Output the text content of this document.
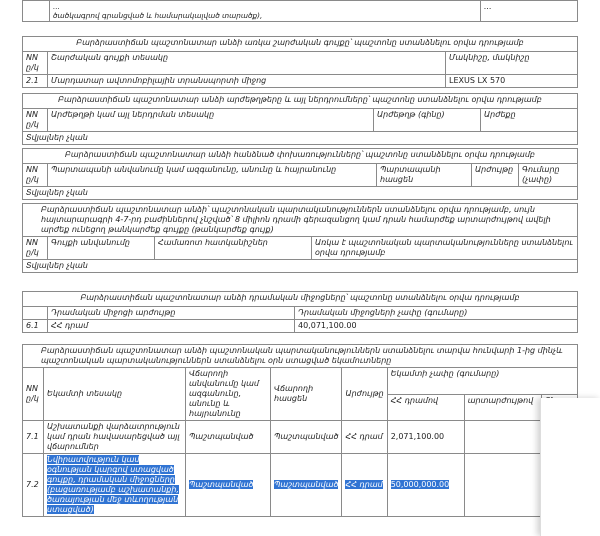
...
ծածկագրով գրանցված և համարակալված տարածք),
	...
Բարձրաստիճան պաշտոնատար անձի առկա շարժական գույքը՝ պաշտոնը ստանձնելու օրվա դրությամբ		
NN ը/կ	Շարժական գույքի տեսակը	Մակնիշը, մակնիշը
2.1	Մարդատար ավտոմոբիլային տրանսպորտի միջոց	LEXUS LX 570
Բարձրաստիճան պաշտոնատար անձի արժեթղթերը և այլ ներդրումները՝ պաշտոնը ստանձնելու օրվա դրությամբ
NN ը/կ	Արժեթղթի կամ այլ ներդրման տեսակը	Արժեթղթ (գինը)	Արժեքը
Տվյալներ չկան
Բարձրաստիճան պաշտոնատար անձի հանձնած փոխառությունները՝ պաշտոնը ստանձնելու օրվա դրությամբ
NN ը/կ	Պարտապանի անվանումը կամ ազգանունը, անունը և հայրանունը	Պարտապանի հասցեն	Արժույթը	Գումարը (չափը)
Տվյալներ չկան
Բարձրաստիճան պաշտոնատար անձի՝ պաշտոնական պարտականություններն ստանձնելու օրվա դրությամբ, սույն հայտարարագրի 4-7-րդ բաժիններով չնշված՝ 8 միլիոն դրամի գերազանցող կամ դրան համարժեք արտարժույթով ավելի արժեք ունեցող թանկարժեք գույքը (թանկարժեք գույք)
NN ը/կ	Գույքի անվանումը	Համառոտ հատկանիշներ	Առկա է պաշտոնական պարտականությունները ստանձնելու օրվա դրությամբ
Տվյալներ չկան
Բարձրաստիճան պաշտոնատար անձի դրամական միջոցները՝ պաշտոնը ստանձնելու օրվա դրությամբ		
	Դրամական միջոցի արժույթը	Դրամական միջոցների չափը (գումարը)
6.1	ՀՀ դրամ	40,071,100.00
Բարձրաստիճան պաշտոնատար անձի պաշտոնական պարտականություններն ստանձնելու տարվա հունվարի 1-ից մինչև պաշտոնական պարտականություններն ստանձնելու օրն ստացված եկամուտները							
NN ը/կ	Եկամտի տեսակը	Վճարողի անվանումը կամ ազգանունը, անունը և հայրանունը	Վճարողի հասցեն	Արժույթը	Եկամտի չափը (գումարը)		
					ՀՀ դրամով	արտարժույթով	
7.1	Աշխատանքի վարձատրություն կամ դրան հավասարեցված այլ վճարումներ	Պաշտպանված	Պաշտպանված	ՀՀ դրամ	2,071,100.00		
7.2	Նվիրատվություն կամ օգնության կարգով ստացված գույքը, դրամական միջոցները (բացառությամբ աշխատանքի, ծառայության մեջ տևողության ստացված)	Պաշտպանված	Պաշտպանված	ՀՀ դրամ	50,000,000.00		
